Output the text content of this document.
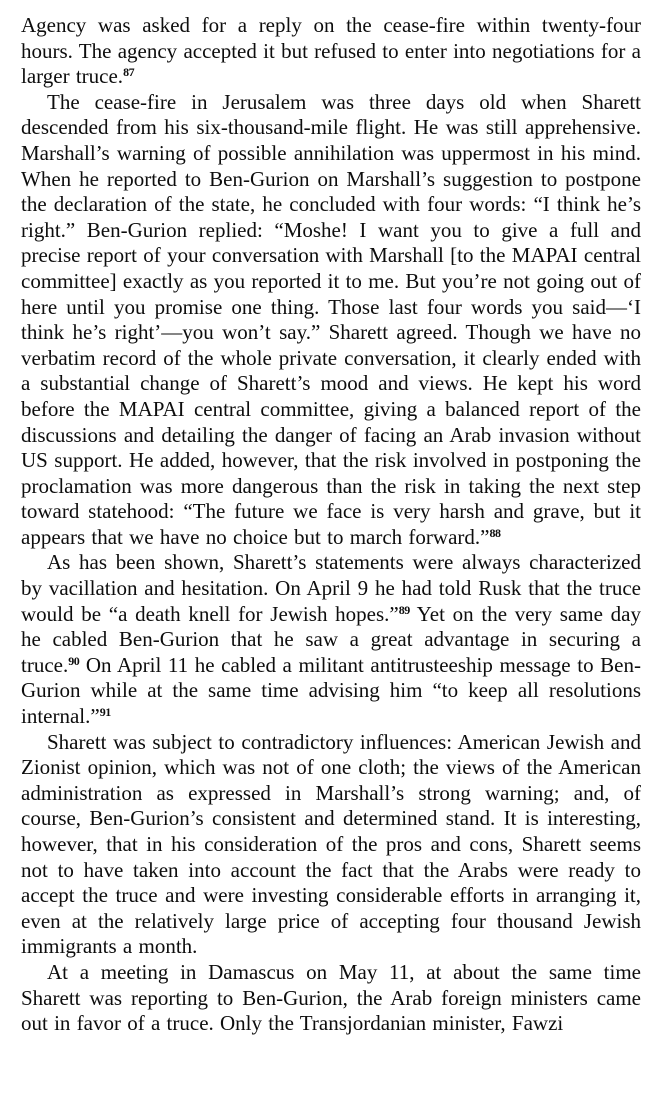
Agency was asked for a reply on the cease-fire within twenty-four hours. The agency accepted it but refused to enter into negotiations for a larger truce.$^{87}$

The cease-fire in Jerusalem was three days old when Sharett descended from his six-thousand-mile flight. He was still apprehensive. Marshall’s warning of possible annihilation was uppermost in his mind. When he reported to Ben-Gurion on Marshall’s suggestion to postpone the declaration of the state, he concluded with four words: “I think he’s right.” Ben-Gurion replied: “Moshe! I want you to give a full and precise report of your conversation with Marshall [to the MAPAI central committee] exactly as you reported it to me. But you’re not going out of here until you promise one thing. Those last four words you said—‘I think he’s right’—you won’t say.” Sharett agreed. Though we have no verbatim record of the whole private conversation, it clearly ended with a substantial change of Sharett’s mood and views. He kept his word before the MAPAI central committee, giving a balanced report of the discussions and detailing the danger of facing an Arab invasion without US support. He added, however, that the risk involved in postponing the proclamation was more dangerous than the risk in taking the next step toward statehood: “The future we face is very harsh and grave, but it appears that we have no choice but to march forward.”$^{88}$

As has been shown, Sharett’s statements were always characterized by vacillation and hesitation. On April 9 he had told Rusk that the truce would be “a death knell for Jewish hopes.”$^{89}$ Yet on the very same day he cabled Ben-Gurion that he saw a great advantage in securing a truce.$^{90}$ On April 11 he cabled a militant antitrusteeship message to Ben-Gurion while at the same time advising him “to keep all resolutions internal.”$^{91}$

Sharett was subject to contradictory influences: American Jewish and Zionist opinion, which was not of one cloth; the views of the American administration as expressed in Marshall’s strong warning; and, of course, Ben-Gurion’s consistent and determined stand. It is interesting, however, that in his consideration of the pros and cons, Sharett seems not to have taken into account the fact that the Arabs were ready to accept the truce and were investing considerable efforts in arranging it, even at the relatively large price of accepting four thousand Jewish immigrants a month.

At a meeting in Damascus on May 11, at about the same time Sharett was reporting to Ben-Gurion, the Arab foreign ministers came out in favor of a truce. Only the Transjordanian minister, Fawzi
